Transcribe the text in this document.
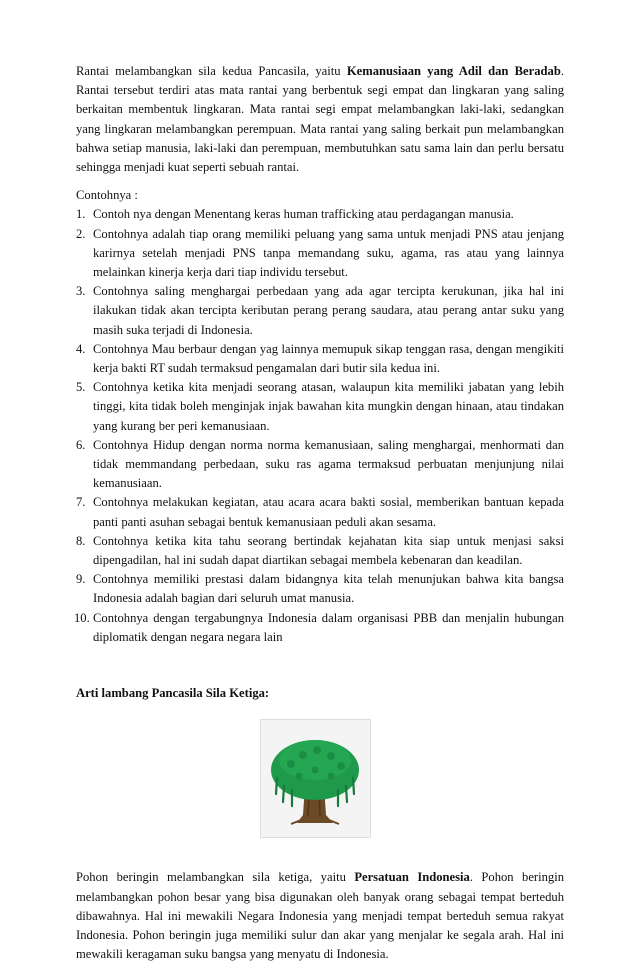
Rantai melambangkan sila kedua Pancasila, yaitu Kemanusiaan yang Adil dan Beradab. Rantai tersebut terdiri atas mata rantai yang berbentuk segi empat dan lingkaran yang saling berkaitan membentuk lingkaran. Mata rantai segi empat melambangkan laki-laki, sedangkan yang lingkaran melambangkan perempuan. Mata rantai yang saling berkait pun melambangkan bahwa setiap manusia, laki-laki dan perempuan, membutuhkan satu sama lain dan perlu bersatu sehingga menjadi kuat seperti sebuah rantai.

Contohnya :

1. Contoh nya dengan Menentang keras human trafficking atau perdagangan manusia.
2. Contohnya adalah tiap orang memiliki peluang yang sama untuk menjadi PNS atau jenjang karirnya setelah menjadi PNS tanpa memandang suku, agama, ras atau yang lainnya melainkan kinerja kerja dari tiap individu tersebut.
3. Contohnya saling menghargai perbedaan yang ada agar tercipta kerukunan, jika hal ini ilakukan tidak akan tercipta keributan perang perang saudara, atau perang antar suku yang masih suka terjadi di Indonesia.
4. Contohnya Mau berbaur dengan yag lainnya memupuk sikap tenggan rasa, dengan mengikiti kerja bakti RT sudah termaksud pengamalan dari butir sila kedua ini.
5. Contohnya ketika kita menjadi seorang atasan, walaupun kita memiliki jabatan yang lebih tinggi, kita tidak boleh menginjak injak bawahan kita mungkin dengan hinaan, atau tindakan yang kurang ber peri kemanusiaan.
6. Contohnya Hidup dengan norma norma kemanusiaan, saling menghargai, menhormati dan tidak memmandang perbedaan, suku ras agama termaksud perbuatan menjunjung nilai kemanusiaan.
7. Contohnya melakukan kegiatan, atau acara acara bakti sosial, memberikan bantuan kepada panti panti asuhan sebagai bentuk kemanusiaan peduli akan sesama.
8. Contohnya ketika kita tahu seorang bertindak kejahatan kita siap untuk menjasi saksi dipengadilan, hal ini sudah dapat diartikan sebagai membela kebenaran dan keadilan.
9. Contohnya memiliki prestasi dalam bidangnya kita telah menunjukan bahwa kita bangsa Indonesia adalah bagian dari seluruh umat manusia.
10. Contohnya dengan tergabungnya Indonesia dalam organisasi PBB dan menjalin hubungan diplomatik dengan negara negara lain

Arti lambang Pancasila Sila Ketiga:

Pohon beringin melambangkan sila ketiga, yaitu Persatuan Indonesia. Pohon beringin melambangkan pohon besar yang bisa digunakan oleh banyak orang sebagai tempat berteduh dibawahnya. Hal ini mewakili Negara Indonesia yang menjadi tempat berteduh semua rakyat Indonesia. Pohon beringin juga memiliki sulur dan akar yang menjalar ke segala arah. Hal ini mewakili keragaman suku bangsa yang menyatu di Indonesia.
